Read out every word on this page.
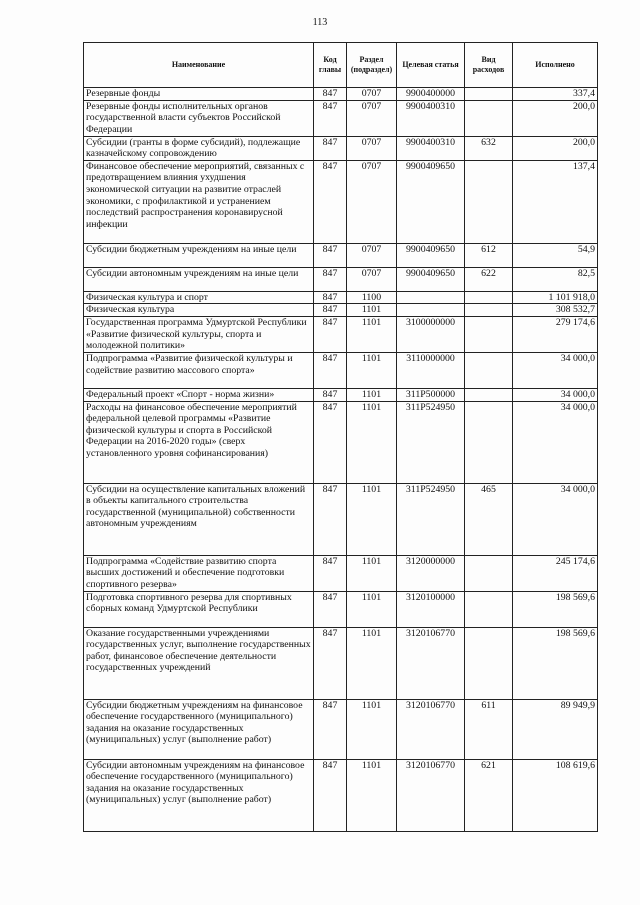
113
Наименование	Код главы	Раздел (подраздел)	Целевая статья	Вид расходов	Исполнено
Резервные фонды	847	0707	9900400000		337,4
Резервные фонды исполнительных органов государственной власти субъектов Российской Федерации	847	0707	9900400310		200,0
Субсидии (гранты в форме субсидий), подлежащие казначейскому сопровождению	847	0707	9900400310	632	200,0
Финансовое обеспечение мероприятий, связанных с предотвращением влияния ухудшения экономической ситуации на развитие отраслей экономики, с профилактикой и устранением последствий распространения коронавирусной инфекции	847	0707	9900409650		137,4
Субсидии бюджетным учреждениям на иные цели	847	0707	9900409650	612	54,9
Субсидии автономным учреждениям на иные цели	847	0707	9900409650	622	82,5
Физическая культура и спорт	847	1100			1 101 918,0
Физическая культура	847	1101			308 532,7
Государственная программа Удмуртской Республики «Развитие физической культуры, спорта и молодежной политики»	847	1101	3100000000		279 174,6
Подпрограмма «Развитие физической культуры и содействие развитию массового спорта»	847	1101	3110000000		34 000,0
Федеральный проект «Спорт - норма жизни»	847	1101	311P500000		34 000,0
Расходы на финансовое обеспечение мероприятий федеральной целевой программы «Развитие физической культуры и спорта в Российской Федерации на 2016-2020 годы» (сверх установленного уровня софинансирования)	847	1101	311P524950		34 000,0
Субсидии на осуществление капитальных вложений в объекты капитального строительства государственной (муниципальной) собственности автономным учреждениям	847	1101	311P524950	465	34 000,0
Подпрограмма «Содействие развитию спорта высших достижений и обеспечение подготовки спортивного резерва»	847	1101	3120000000		245 174,6
Подготовка спортивного резерва для спортивных сборных команд Удмуртской Республики	847	1101	3120100000		198 569,6
Оказание государственными учреждениями государственных услуг, выполнение государственных работ, финансовое обеспечение деятельности государственных учреждений	847	1101	3120106770		198 569,6
Субсидии бюджетным учреждениям на финансовое обеспечение государственного (муниципального) задания на оказание государственных (муниципальных) услуг (выполнение работ)	847	1101	3120106770	611	89 949,9
Субсидии автономным учреждениям на финансовое обеспечение государственного (муниципального) задания на оказание государственных (муниципальных) услуг (выполнение работ)	847	1101	3120106770	621	108 619,6
